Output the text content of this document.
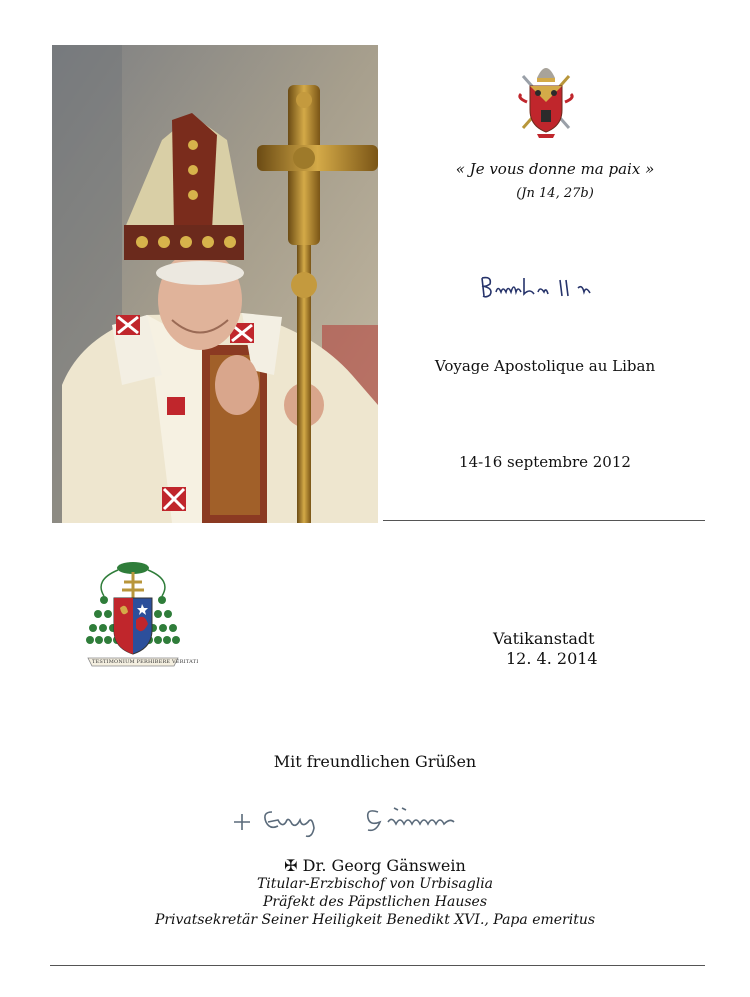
« Je vous donne ma paix »
(Jn 14, 27b)
Voyage Apostolique au Liban
14-16 septembre 2012
TESTIMONIUM PERHIBERE VERITATI
Vatikanstadt
12. 4. 2014
Mit freundlichen Grüßen
✠ Dr. Georg Gänswein
Titular-Erzbischof von Urbisaglia
Präfekt des Päpstlichen Hauses
Privatsekretär Seiner Heiligkeit Benedikt XVI., Papa emeritus
